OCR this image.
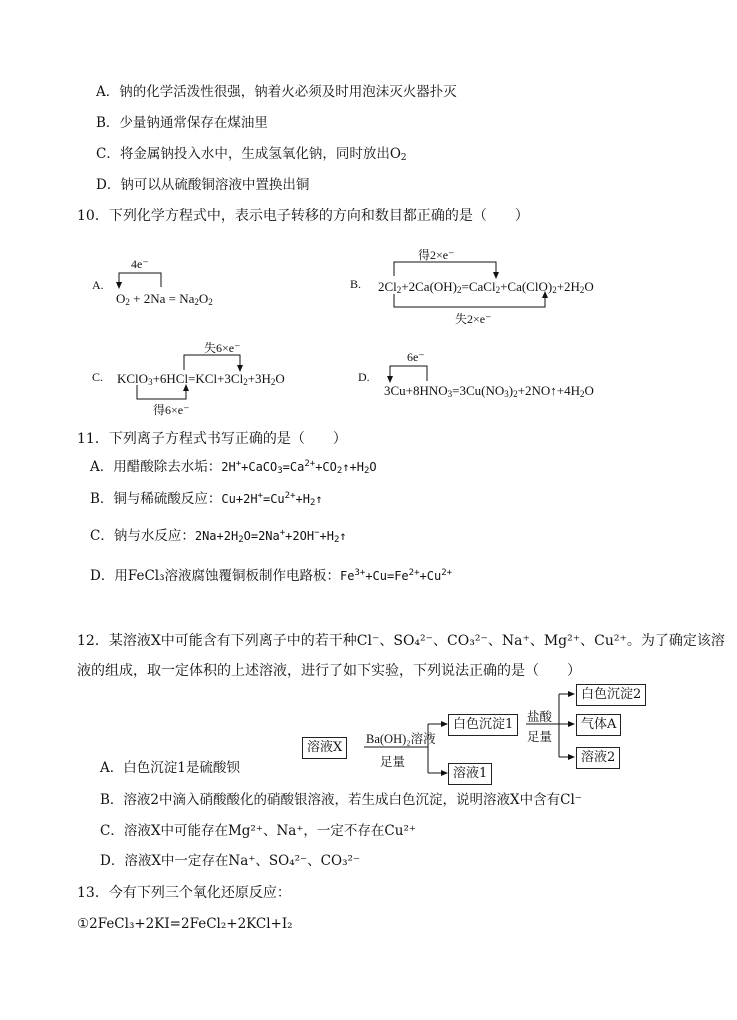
A．钠的化学活泼性很强，钠着火必须及时用泡沫灭火器扑灭
B．少量钠通常保存在煤油里
C．将金属钠投入水中，生成氢氧化钠，同时放出$O_2$
D．钠可以从硫酸铜溶液中置换出铜
10．下列化学方程式中，表示电子转移的方向和数目都正确的是（　　）
A.
4e⁻
$O_2 + 2Na = Na_2O_2$
B.
得2×e⁻
$2Cl_2+2Ca(OH)_2=CaCl_2+Ca(ClO)_2+2H_2O$
失2×e⁻
C.
失6×e⁻
$KClO_3+6HCl=KCl+3Cl_2+3H_2O$
得6×e⁻
D.
6e⁻
$3Cu+8HNO_3=3Cu(NO_3)_2+2NO↑+4H_2O$
11．下列离子方程式书写正确的是（　　）
A．用醋酸除去水垢：$2H^++CaCO_3=Ca^{2+}+CO_2↑+H_2O$
B．铜与稀硫酸反应：$Cu+2H^+=Cu^{2+}+H_2↑$
C．钠与水反应：$2Na+2H_2O=2Na^++2OH^-+H_2↑$
D．用FeCl₃溶液腐蚀覆铜板制作电路板：$Fe^{3+}+Cu=Fe^{2+}+Cu^{2+}$
12．某溶液X中可能含有下列离子中的若干种Cl⁻、SO₄²⁻、CO₃²⁻、Na⁺、Mg²⁺、Cu²⁺。为了确定该溶
液的组成，取一定体积的上述溶液，进行了如下实验，下列说法正确的是（　　）
溶液X
Ba(OH)₂溶液
足量
白色沉淀1	盐酸
足量
白色沉淀2
气体A
溶液2
溶液1
A．白色沉淀1是硫酸钡
B．溶液2中滴入硝酸酸化的硝酸银溶液，若生成白色沉淀，说明溶液X中含有Cl⁻
C．溶液X中可能存在Mg²⁺、Na⁺，一定不存在Cu²⁺
D．溶液X中一定存在Na⁺、SO₄²⁻、CO₃²⁻
13．今有下列三个氧化还原反应：
①2FeCl₃+2KI=2FeCl₂+2KCl+I₂
